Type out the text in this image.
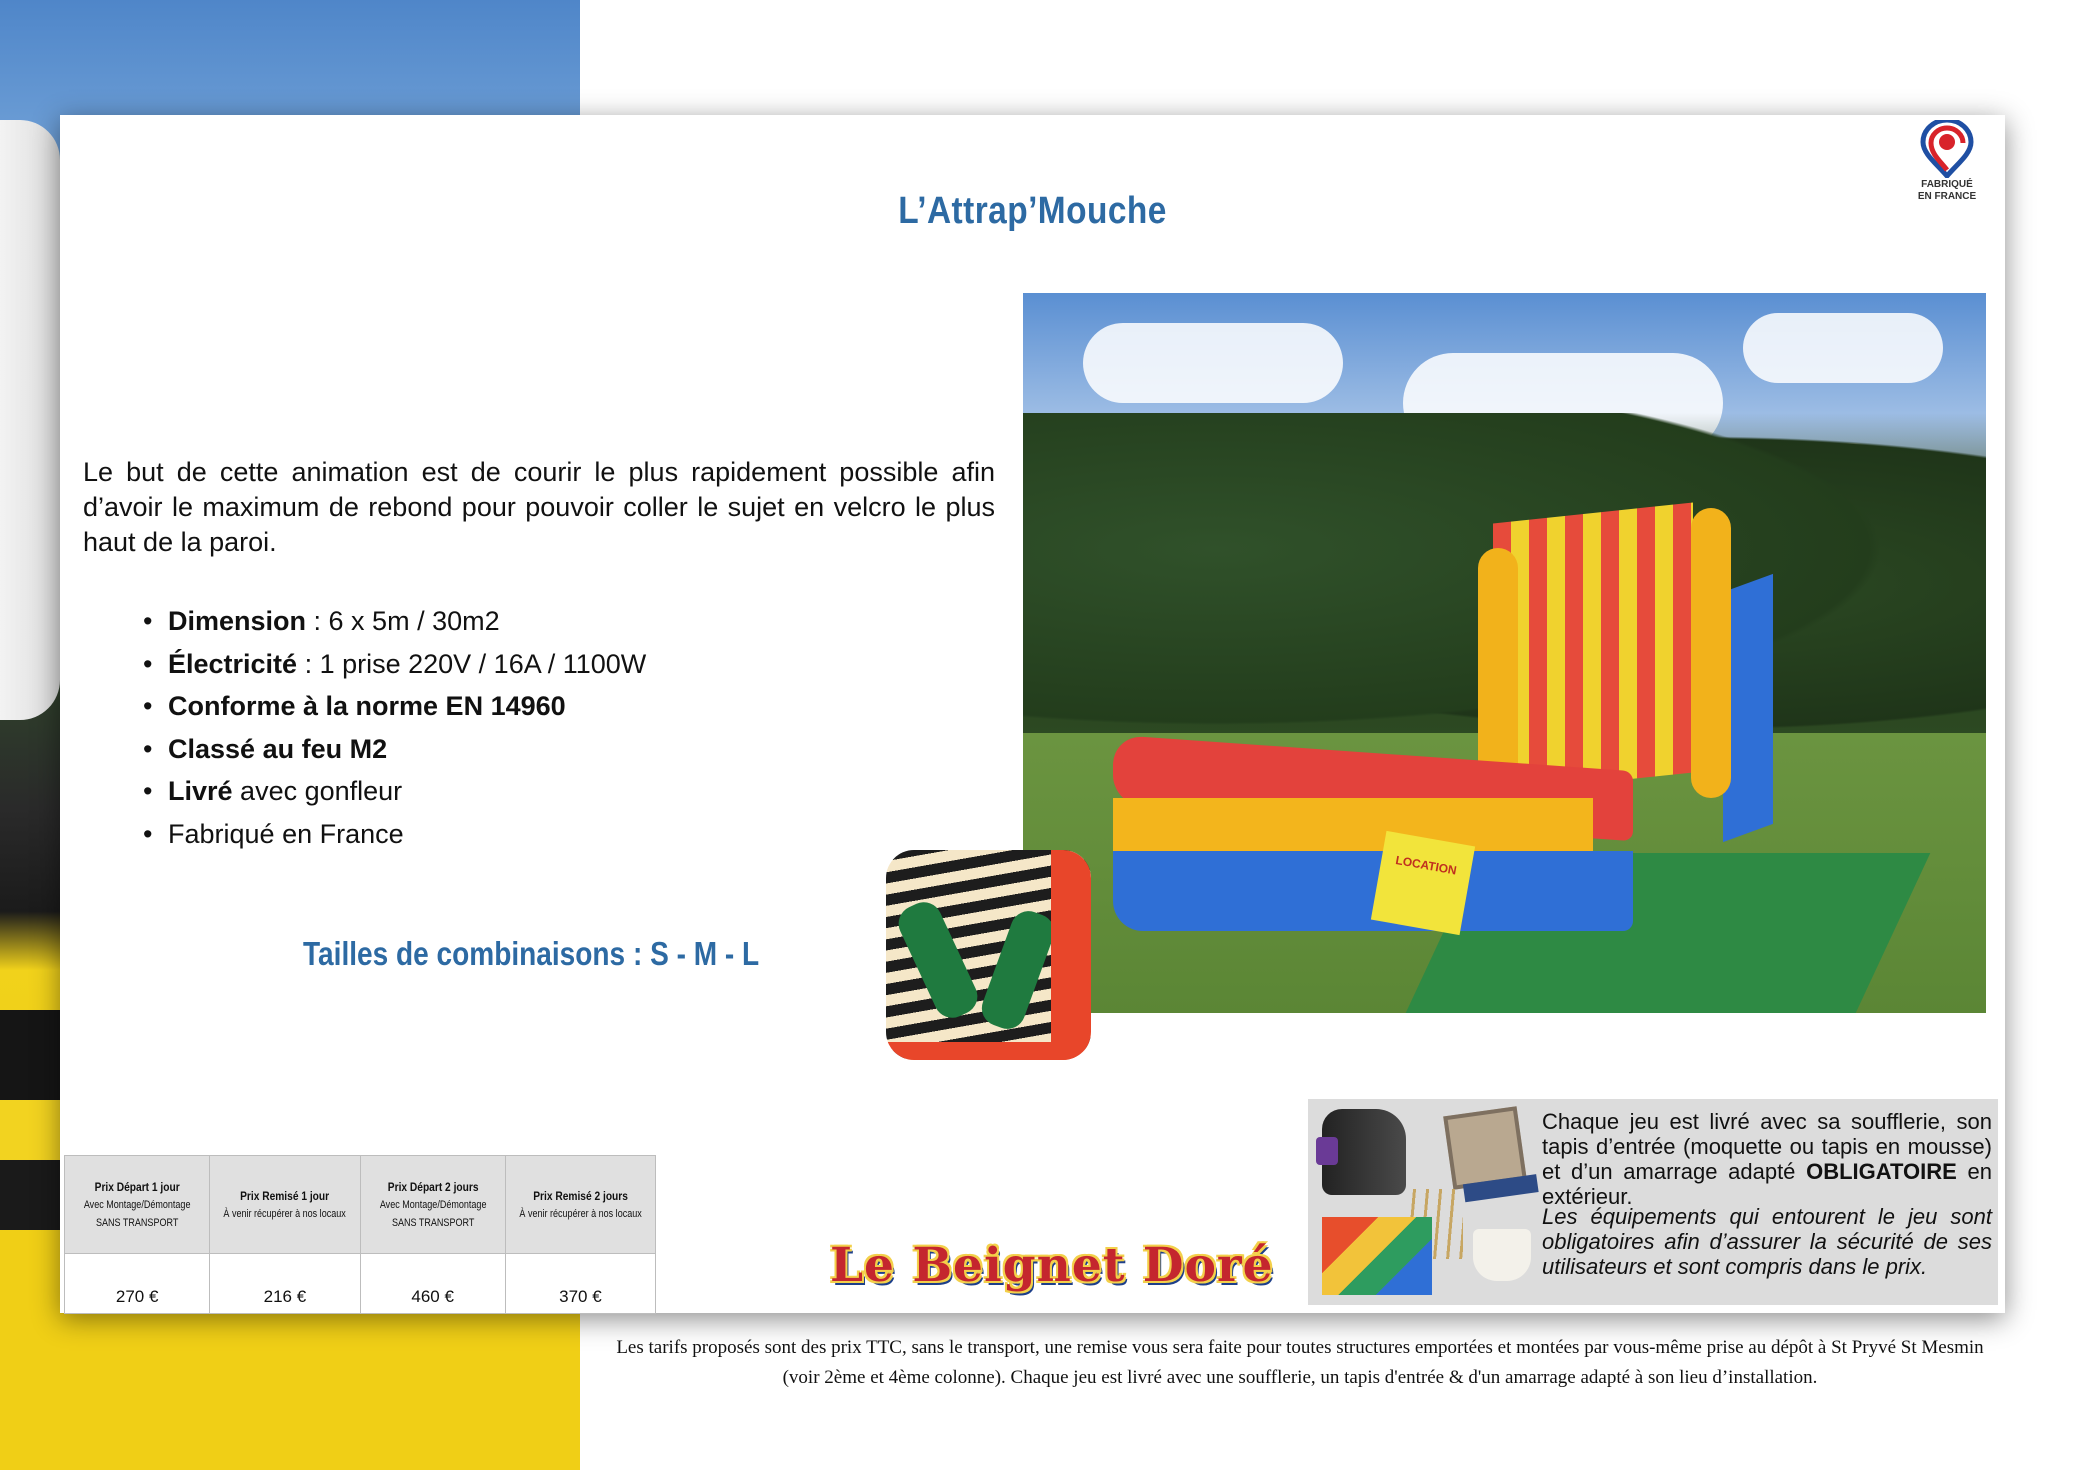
L’Attrap’Mouche
FABRIQUÉ
EN FRANCE

Le but de cette animation est de courir le plus rapidement possible afin d’avoir le maximum de rebond pour pouvoir coller le sujet en velcro le plus haut de la paroi.

• Dimension : 6 x 5m / 30m2
• Électricité : 1 prise 220V / 16A / 1100W
• Conforme à la norme EN 14960
• Classé au feu M2
• Livré avec gonfleur
• Fabriqué en France
Tailles de combinaisons : S - M - L
LOCATION
Prix Départ 1 jour
Avec Montage/Démontage
SANS TRANSPORT	Prix Remisé 1 jour
À venir récupérer à nos locaux	Prix Départ 2 jours
Avec Montage/Démontage
SANS TRANSPORT	Prix Remisé 2 jours
À venir récupérer à nos locaux

270 €	216 €	460 €	370 €
Le Beignet Doré

Chaque jeu est livré avec sa soufflerie, son tapis d’entrée (moquette ou tapis en mousse) et d’un amarrage adapté OBLIGATOIRE en extérieur.

Les équipements qui entourent le jeu sont obligatoires afin d’assurer la sécurité de ses utilisateurs et sont compris dans le prix.

Les tarifs proposés sont des prix TTC, sans le transport, une remise vous sera faite pour toutes structures emportées et montées par vous-même prise au dépôt à St Pryvé St Mesmin (voir 2ème et 4ème colonne). Chaque jeu est livré avec une soufflerie, un tapis d'entrée & d'un amarrage adapté à son lieu d’installation.
